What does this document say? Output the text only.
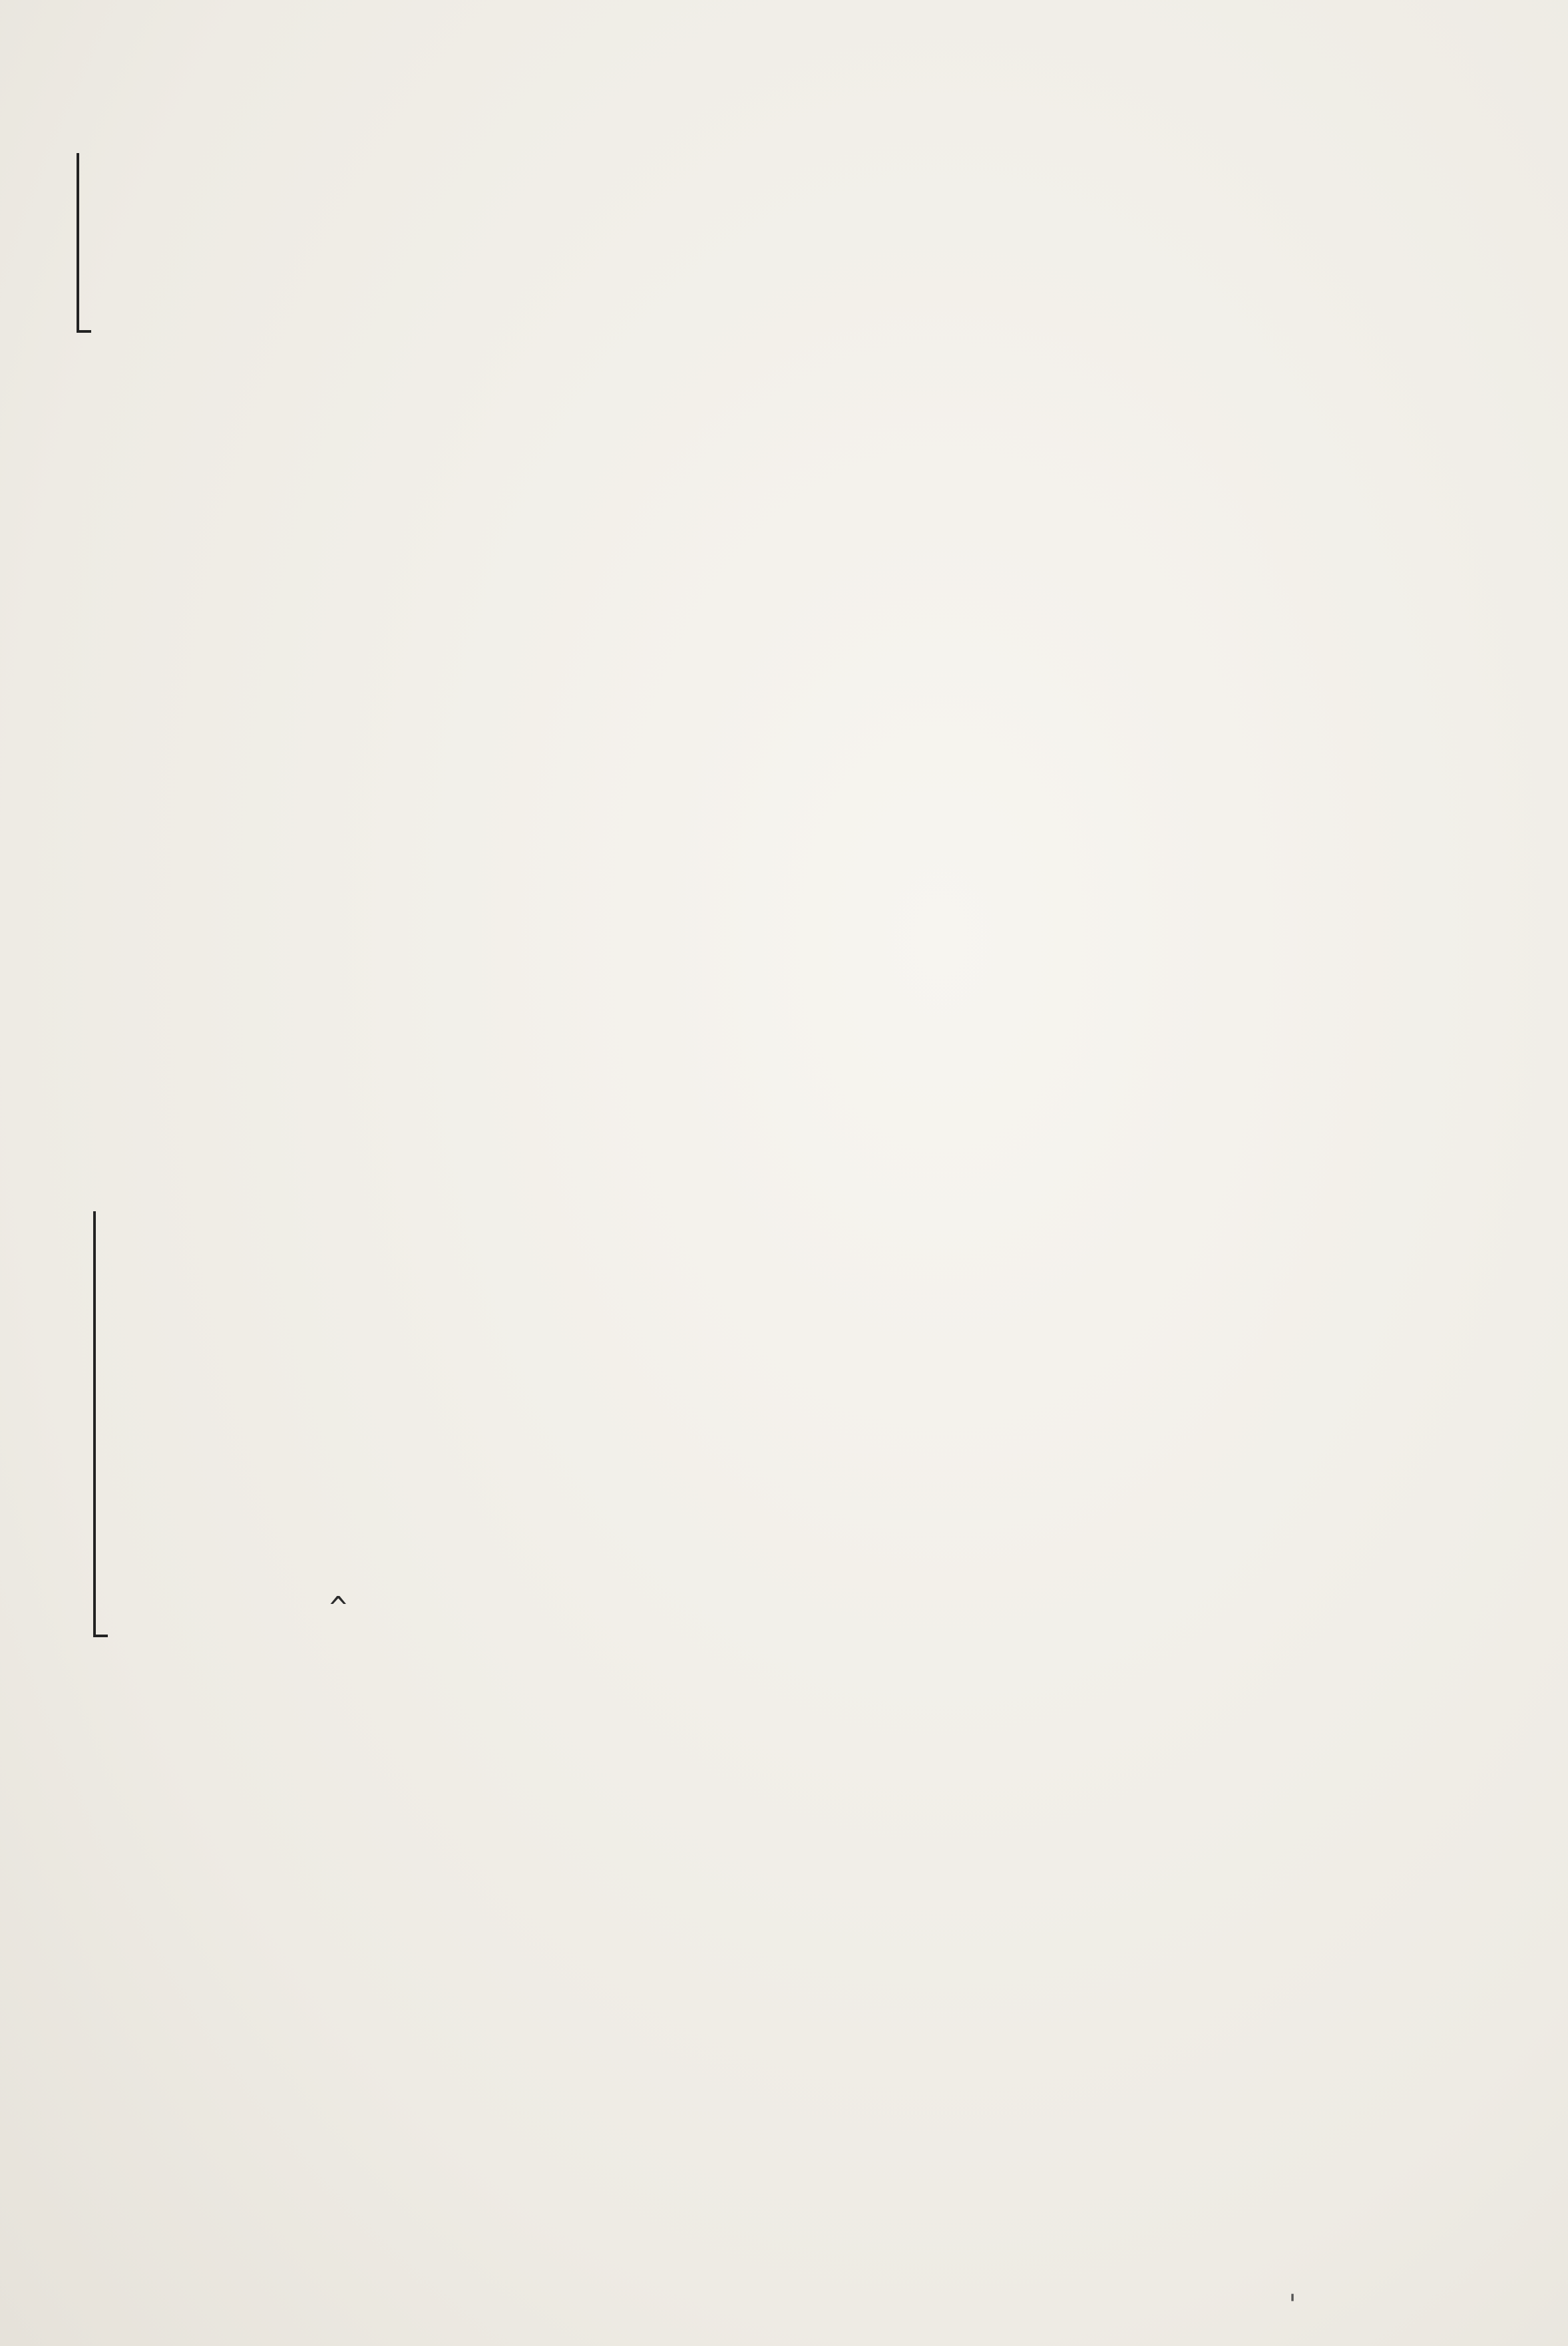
^
'
